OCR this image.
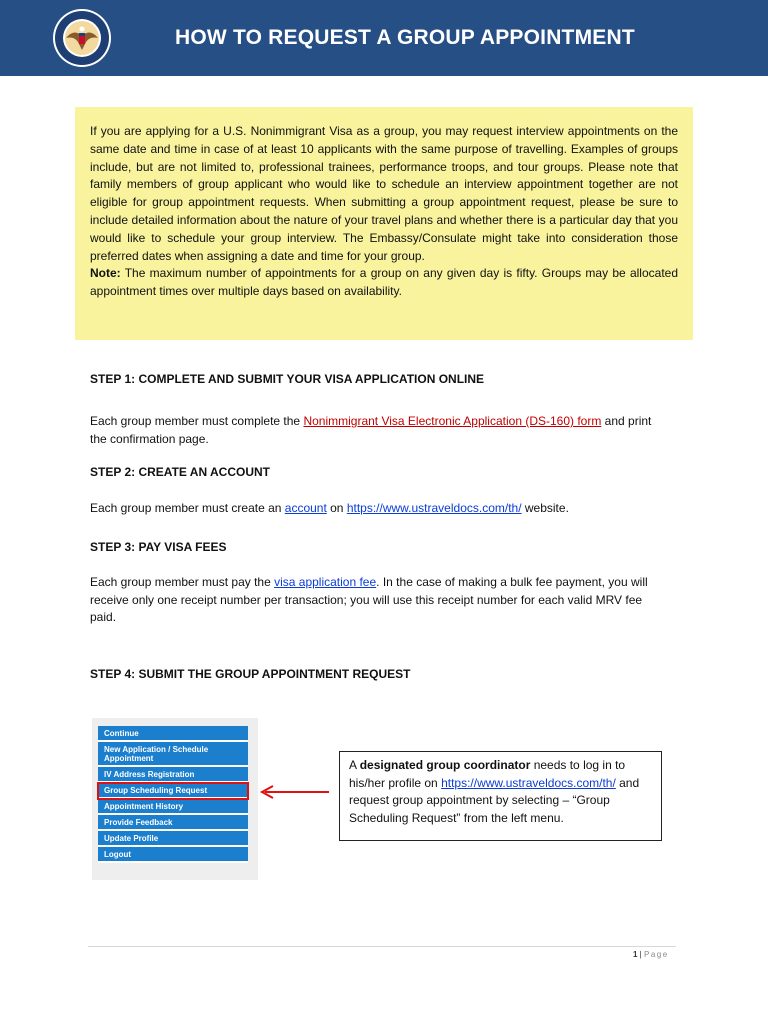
HOW TO REQUEST A GROUP APPOINTMENT

If you are applying for a U.S. Nonimmigrant Visa as a group, you may request interview appointments on the same date and time in case of at least 10 applicants with the same purpose of travelling. Examples of groups include, but are not limited to, professional trainees, performance troops, and tour groups. Please note that family members of group applicant who would like to schedule an interview appointment together are not eligible for group appointment requests. When submitting a group appointment request, please be sure to include detailed information about the nature of your travel plans and whether there is a particular day that you would like to schedule your group interview. The Embassy/Consulate might take into consideration those preferred dates when assigning a date and time for your group.
Note: The maximum number of appointments for a group on any given day is fifty. Groups may be allocated appointment times over multiple days based on availability.

STEP 1: COMPLETE AND SUBMIT YOUR VISA APPLICATION ONLINE

Each group member must complete the Nonimmigrant Visa Electronic Application (DS-160) form and print the confirmation page.

STEP 2: CREATE AN ACCOUNT

Each group member must create an account on https://www.ustraveldocs.com/th/ website.

STEP 3: PAY VISA FEES

Each group member must pay the visa application fee. In the case of making a bulk fee payment, you will receive only one receipt number per transaction; you will use this receipt number for each valid MRV fee paid.

STEP 4: SUBMIT THE GROUP APPOINTMENT REQUEST
Continue
New Application / Schedule Appointment
IV Address Registration
Group Scheduling Request
Appointment History
Provide Feedback
Update Profile
Logout

A designated group coordinator needs to log in to his/her profile on https://www.ustraveldocs.com/th/ and request group appointment by selecting – “Group Scheduling Request” from the left menu.

1 | Page
